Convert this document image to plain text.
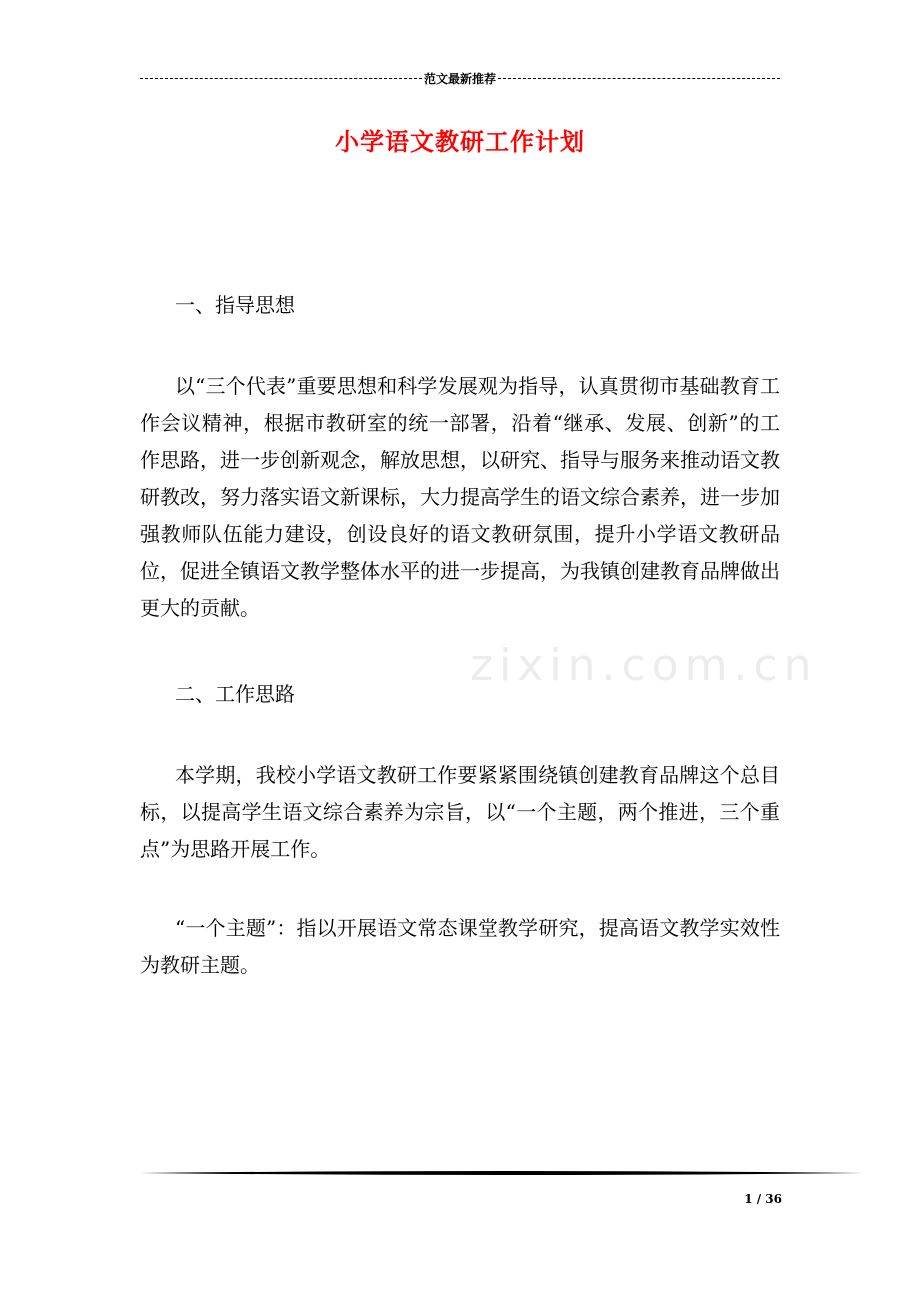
范文最新推荐
小学语文教研工作计划
zixin.com.cn
一、指导思想

以“三个代表”重要思想和科学发展观为指导，认真贯彻市基础教育工作会议精神，根据市教研室的统一部署，沿着“继承、发展、创新”的工作思路，进一步创新观念，解放思想，以研究、指导与服务来推动语文教研教改，努力落实语文新课标，大力提高学生的语文综合素养，进一步加强教师队伍能力建设，创设良好的语文教研氛围，提升小学语文教研品位，促进全镇语文教学整体水平的进一步提高，为我镇创建教育品牌做出更大的贡献。

二、工作思路

本学期，我校小学语文教研工作要紧紧围绕镇创建教育品牌这个总目标，以提高学生语文综合素养为宗旨，以“一个主题，两个推进，三个重点”为思路开展工作。

“一个主题”：指以开展语文常态课堂教学研究，提高语文教学实效性为教研主题。

1 / 36
